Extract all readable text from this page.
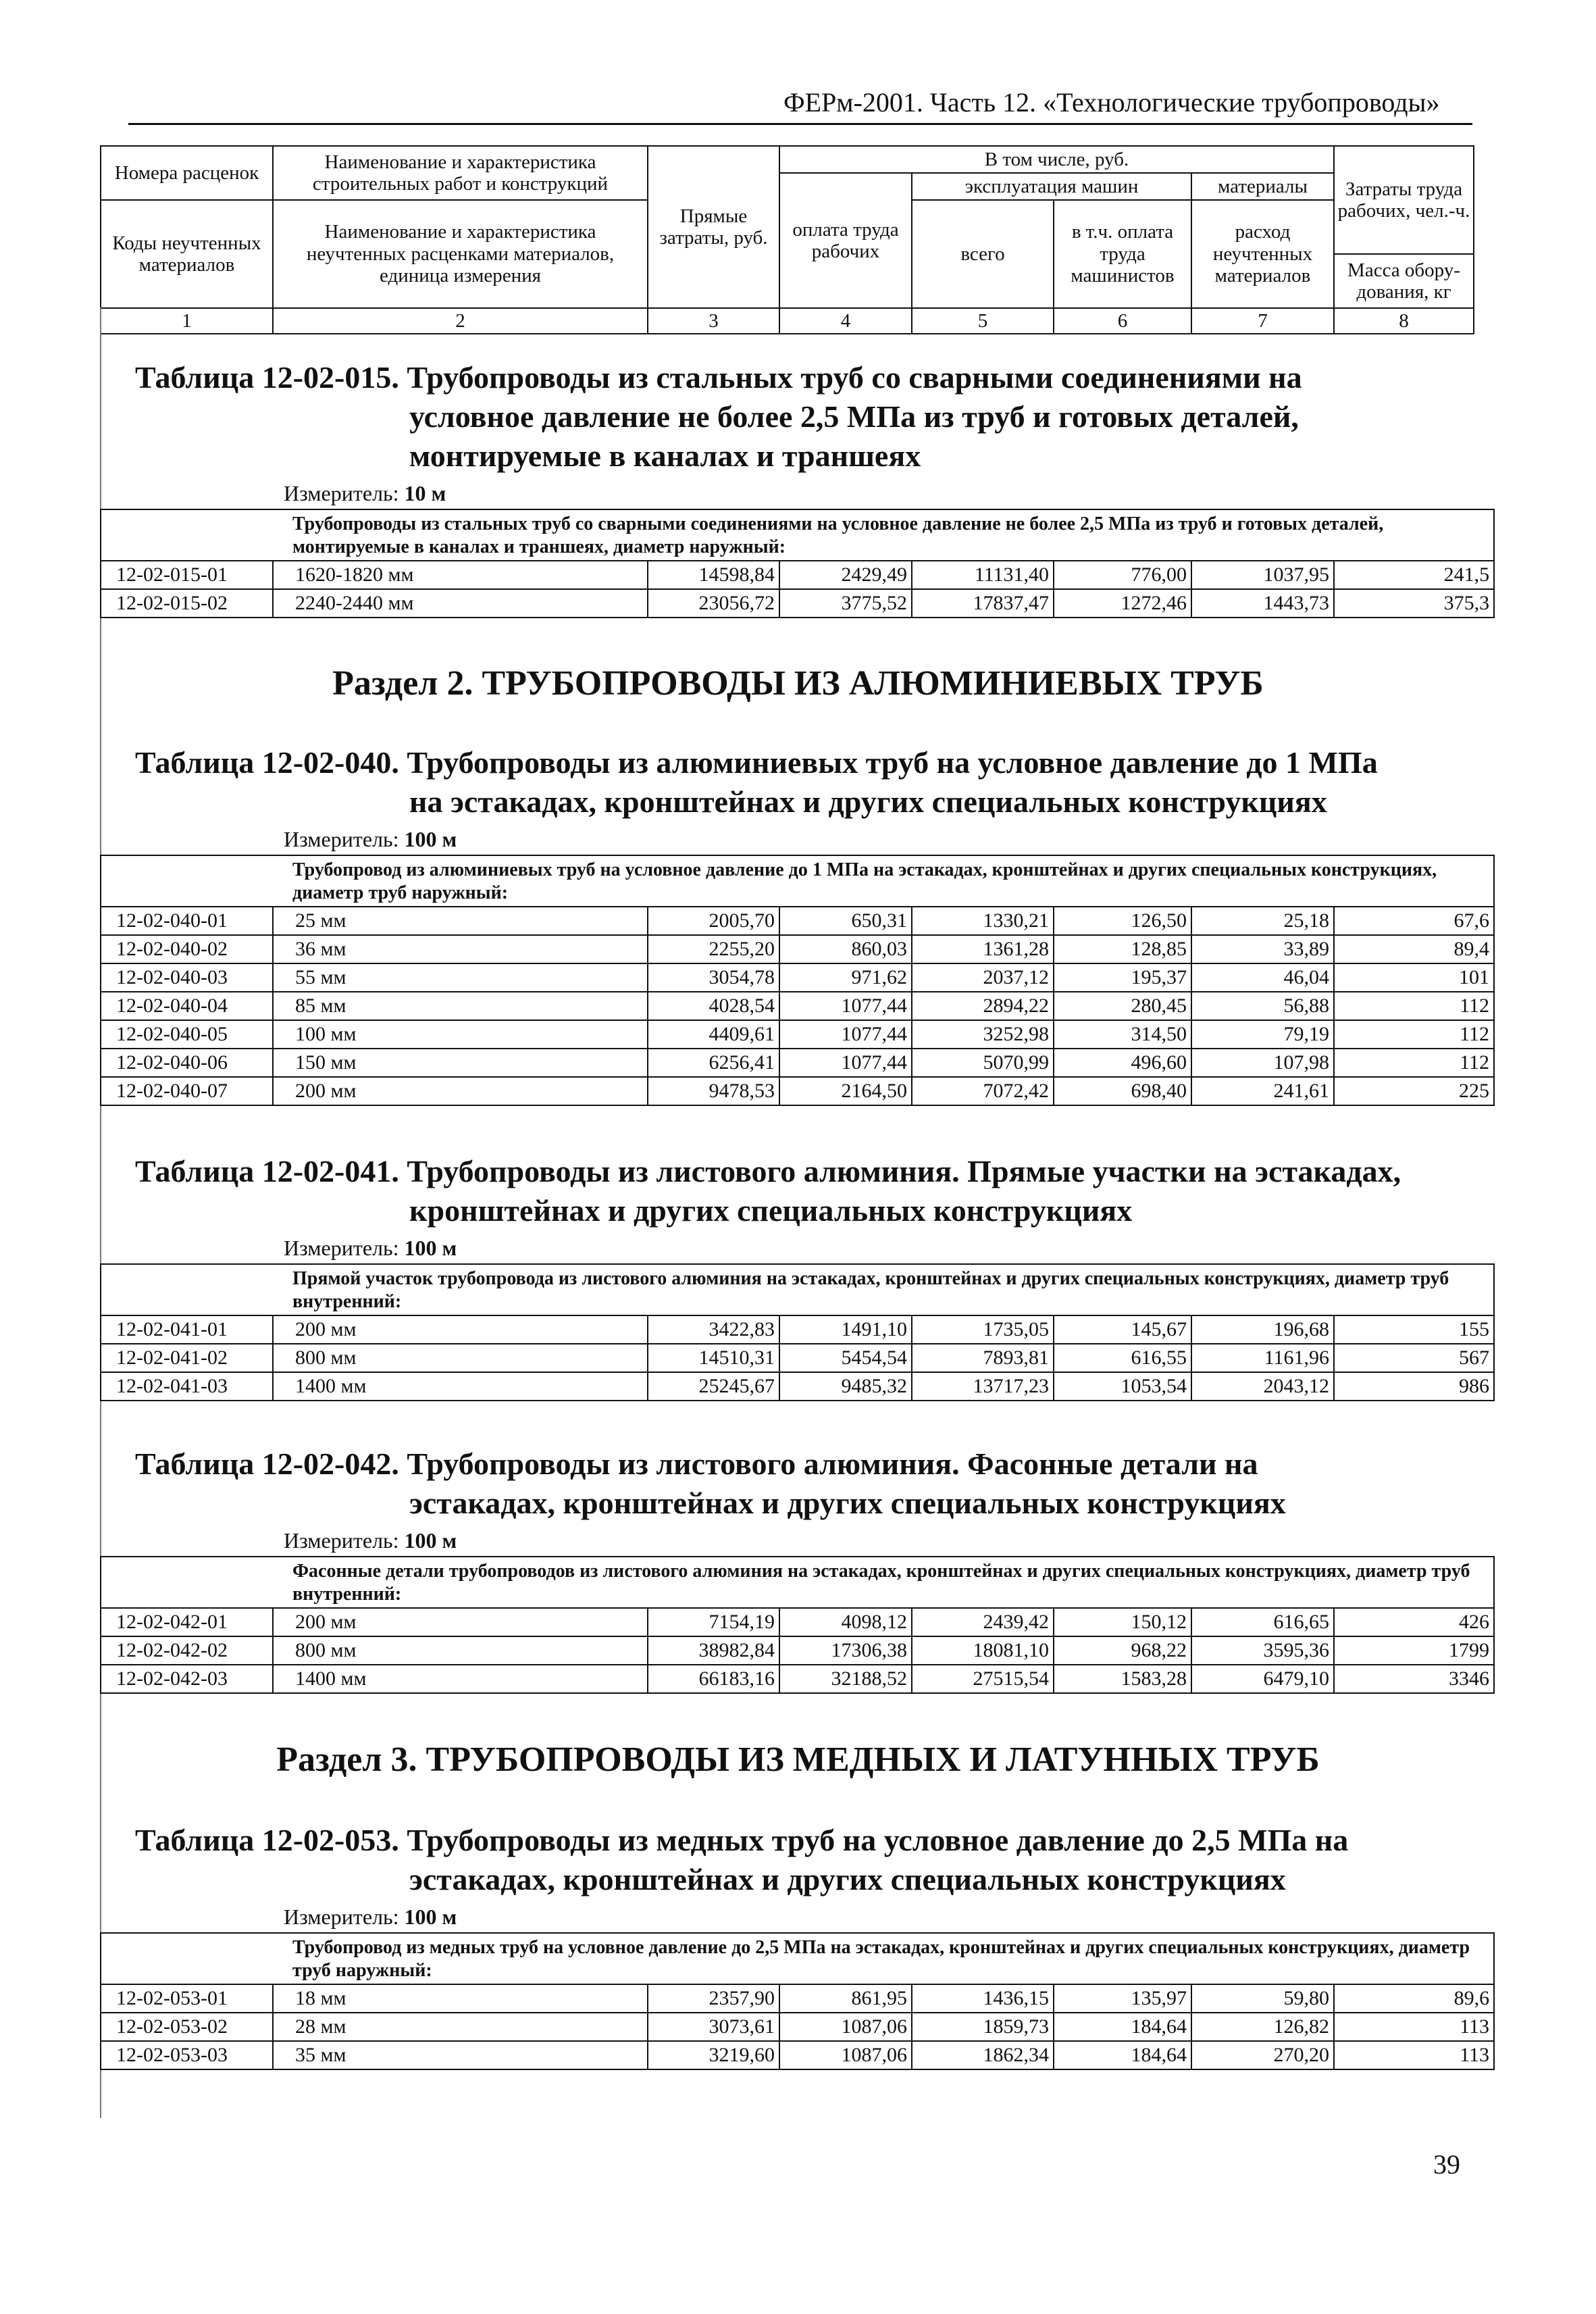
ФЕРм-2001. Часть 12. «Технологические трубопроводы»
Номера расценок	Наименование и характеристика строительных работ и конструкций	Прямые затраты, руб.	В том числе, руб.				Затраты труда рабочих, чел.-ч.
			оплата труда рабочих	эксплуатация машин		материалы	
Коды неучтенных материалов	Наименование и характеристика неучтенных расценками материалов, единица измерения			всего	в т.ч. оплата труда машинистов	расход неучтенных материалов	
							Масса обору-дования, кг
1	2	3	4	5	6	7	8
Таблица 12-02-015. Трубопроводы из стальных труб со сварными соединениями на
условное давление не более 2,5 МПа из труб и готовых деталей,
монтируемые в каналах и траншеях
Измеритель: 10 м
Трубопроводы из стальных труб со сварными соединениями на условное давление не более 2,5 МПа из труб и готовых деталей, монтируемые в каналах и траншеях, диаметр наружный:							
12-02-015-01	1620-1820 мм	14598,84	2429,49	11131,40	776,00	1037,95	241,5
12-02-015-02	2240-2440 мм	23056,72	3775,52	17837,47	1272,46	1443,73	375,3
Раздел 2. ТРУБОПРОВОДЫ ИЗ АЛЮМИНИЕВЫХ ТРУБ
Таблица 12-02-040. Трубопроводы из алюминиевых труб на условное давление до 1 МПа
на эстакадах, кронштейнах и других специальных конструкциях
Измеритель: 100 м
Трубопровод из алюминиевых труб на условное давление до 1 МПа на эстакадах, кронштейнах и других специальных конструкциях, диаметр труб наружный:							
12-02-040-01	25 мм	2005,70	650,31	1330,21	126,50	25,18	67,6
12-02-040-02	36 мм	2255,20	860,03	1361,28	128,85	33,89	89,4
12-02-040-03	55 мм	3054,78	971,62	2037,12	195,37	46,04	101
12-02-040-04	85 мм	4028,54	1077,44	2894,22	280,45	56,88	112
12-02-040-05	100 мм	4409,61	1077,44	3252,98	314,50	79,19	112
12-02-040-06	150 мм	6256,41	1077,44	5070,99	496,60	107,98	112
12-02-040-07	200 мм	9478,53	2164,50	7072,42	698,40	241,61	225
Таблица 12-02-041. Трубопроводы из листового алюминия. Прямые участки на эстакадах,
кронштейнах и других специальных конструкциях
Измеритель: 100 м
Прямой участок трубопровода из листового алюминия на эстакадах, кронштейнах и других специальных конструкциях, диаметр труб внутренний:							
12-02-041-01	200 мм	3422,83	1491,10	1735,05	145,67	196,68	155
12-02-041-02	800 мм	14510,31	5454,54	7893,81	616,55	1161,96	567
12-02-041-03	1400 мм	25245,67	9485,32	13717,23	1053,54	2043,12	986
Таблица 12-02-042. Трубопроводы из листового алюминия. Фасонные детали на
эстакадах, кронштейнах и других специальных конструкциях
Измеритель: 100 м
Фасонные детали трубопроводов из листового алюминия на эстакадах, кронштейнах и других специальных конструкциях, диаметр труб внутренний:							
12-02-042-01	200 мм	7154,19	4098,12	2439,42	150,12	616,65	426
12-02-042-02	800 мм	38982,84	17306,38	18081,10	968,22	3595,36	1799
12-02-042-03	1400 мм	66183,16	32188,52	27515,54	1583,28	6479,10	3346
Раздел 3. ТРУБОПРОВОДЫ ИЗ МЕДНЫХ И ЛАТУННЫХ ТРУБ
Таблица 12-02-053. Трубопроводы из медных труб на условное давление до 2,5 МПа на
эстакадах, кронштейнах и других специальных конструкциях
Измеритель: 100 м
Трубопровод из медных труб на условное давление до 2,5 МПа на эстакадах, кронштейнах и других специальных конструкциях, диаметр труб наружный:							
12-02-053-01	18 мм	2357,90	861,95	1436,15	135,97	59,80	89,6
12-02-053-02	28 мм	3073,61	1087,06	1859,73	184,64	126,82	113
12-02-053-03	35 мм	3219,60	1087,06	1862,34	184,64	270,20	113
39
